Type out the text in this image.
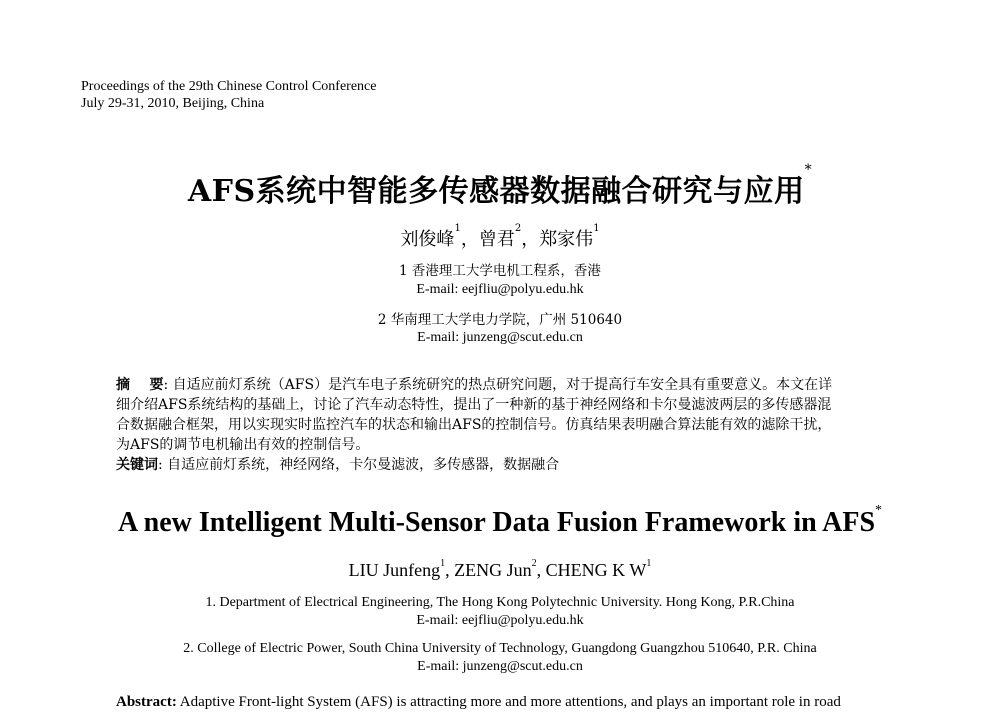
Proceedings of the 29th Chinese Control Conference
July 29-31, 2010, Beijing, China
AFS系统中智能多传感器数据融合研究与应用*
刘俊峰$^1$，曾君$^2$，郑家伟$^1$
1 香港理工大学电机工程系，香港
E-mail: eejfliu@polyu.edu.hk
2 华南理工大学电力学院，广州 510640
E-mail: junzeng@scut.edu.cn
摘    要: 自适应前灯系统（AFS）是汽车电子系统研究的热点研究问题，对于提高行车安全具有重要意义。本文在详
细介绍AFS系统结构的基础上，讨论了汽车动态特性，提出了一种新的基于神经网络和卡尔曼滤波两层的多传感器混
合数据融合框架，用以实现实时监控汽车的状态和输出AFS的控制信号。仿真结果表明融合算法能有效的滤除干扰，
为AFS的调节电机输出有效的控制信号。
关键词: 自适应前灯系统，神经网络，卡尔曼滤波，多传感器，数据融合
A new Intelligent Multi-Sensor Data Fusion Framework in AFS*
LIU Junfeng$^1$, ZENG Jun$^2$, CHENG K $W^1$
1. Department of Electrical Engineering, The Hong Kong Polytechnic University. Hong Kong, P.R.China
E-mail: eejfliu@polyu.edu.hk
2. College of Electric Power, South China University of Technology, Guangdong Guangzhou 510640, P.R. China
E-mail: junzeng@scut.edu.cn
Abstract: Adaptive Front-light System (AFS) is attracting more and more attentions, and plays an important role in road
